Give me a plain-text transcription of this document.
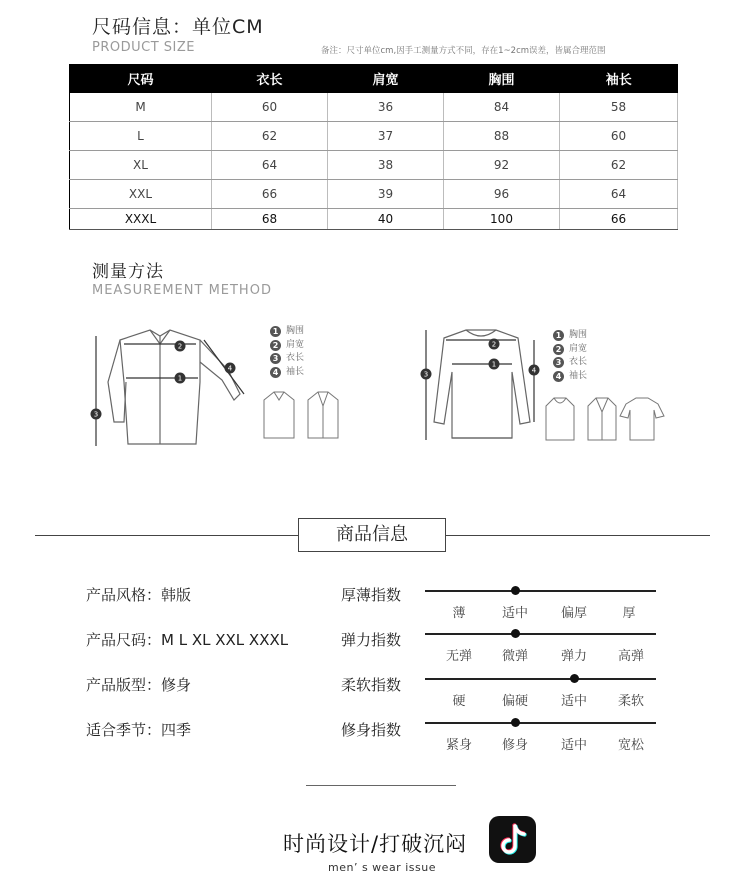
尺码信息：单位CM
PRODUCT SIZE	备注：尺寸单位cm,因手工测量方式不同，存在1~2cm误差，皆属合理范围
尺码	衣长	肩宽	胸围	袖长
M	60	36	84	58
L	62	37	88	60
XL	64	38	92	62
XXL	66	39	96	64
XXXL	68	40	100	66
测量方法
MEASUREMENT METHOD
1
2
3
4
1 胸围
2 肩宽
3 衣长
4 袖长
1
2
3	4
1 胸围
2 肩宽
3 衣长
4 袖长
商品信息
产品风格：韩版
产品尺码：M L XL XXL XXXL
产品版型：修身
适合季节：四季
厚薄指数
薄	适中	偏厚	厚
弹力指数
无弹 微弹	弹力 高弹
柔软指数
硬	偏硬	适中 柔软
修身指数
紧身 修身	适中 宽松
时尚设计/打破沉闷
men’ s wear issue
